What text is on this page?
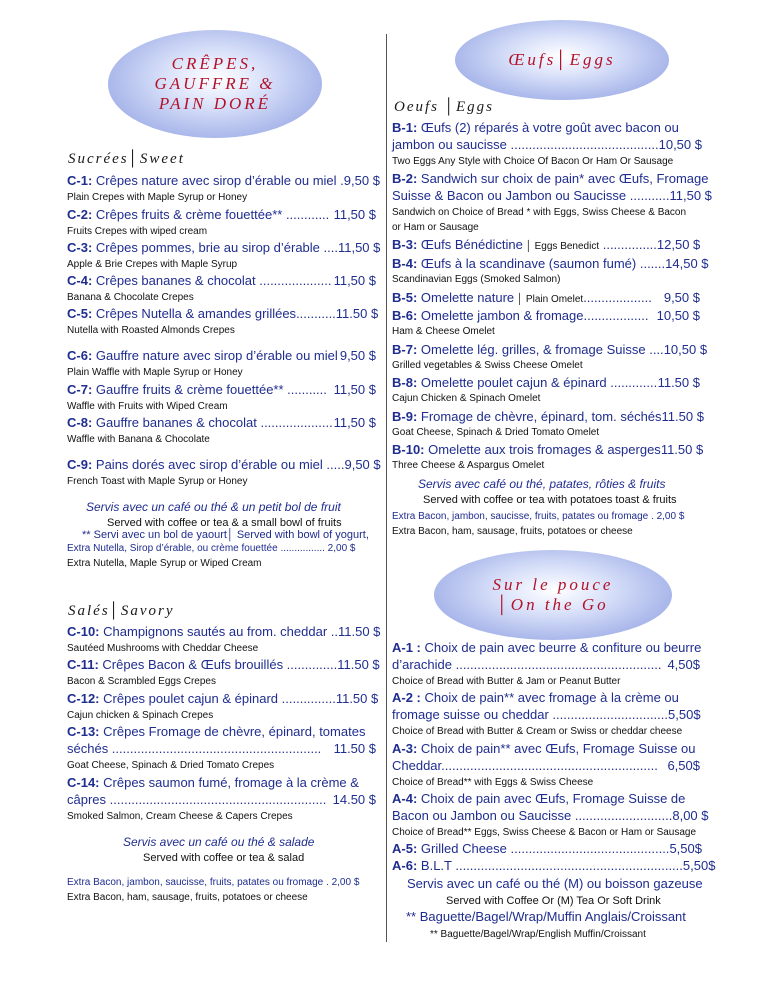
CRÊPES,
GAUFFRE &
PAIN DORÉ
Sucrées│Sweet
C-1: Crêpes nature avec sirop d’érable ou miel . 9,50 $
Plain Crepes with Maple Syrup or Honey
C-2: Crêpes fruits & crème fouettée** ............ 11,50 $
Fruits Crepes with wiped cream
C-3: Crêpes pommes, brie au sirop d’érable .... 11,50 $
Apple & Brie Crepes with Maple Syrup
C-4: Crêpes bananes & chocolat .................... 11,50 $
Banana & Chocolate Crepes
C-5: Crêpes Nutella & amandes grillées........... 11.50 $
Nutella with Roasted Almonds Crepes
C-6: Gauffre nature avec sirop d’érable ou miel 9,50 $
Plain Waffle with Maple Syrup or Honey
C-7: Gauffre fruits & crème fouettée** ........... 11,50 $
Waffle with Fruits with Wiped Cream
C-8: Gauffre bananes & chocolat .................... 11,50 $
Waffle with Banana & Chocolate
C-9: Pains dorés avec sirop d’érable ou miel ..... 9,50 $
French Toast with Maple Syrup or Honey
Servis avec un café ou thé & un petit bol de fruit
Served with coffee or tea & a small bowl of fruits
** Servi avec un bol de yaourt│ Served with bowl of yogurt,
Extra Nutella, Sirop d’érable, ou crème fouettée ................ 2,00 $
Extra Nutella, Maple Syrup or Wiped Cream
Salés│Savory
C-10: Champignons sautés au from. cheddar .. 11.50 $
Sautéed Mushrooms with Cheddar Cheese
C-11: Crêpes Bacon & Œufs brouillés .............. 11.50 $
Bacon & Scrambled Eggs Crepes
C-12: Crêpes poulet cajun & épinard ............... 11.50 $
Cajun chicken & Spinach Crepes
C-13: Crêpes Fromage de chèvre, épinard, tomates
séchés .......................................................... 11.50 $
Goat Cheese, Spinach & Dried Tomato Crepes
C-14: Crêpes saumon fumé, fromage à la crème &
câpres ............................................................ 14.50 $
Smoked Salmon, Cream Cheese & Capers Crepes
Servis avec un café ou thé & salade
Served with coffee or tea & salad
Extra Bacon, jambon, saucisse, fruits, patates ou fromage . 2,00 $
Extra Bacon, ham, sausage, fruits, potatoes or cheese
Œufs│Eggs
Oeufs │Eggs
B-1: Œufs (2) réparés à votre goût avec bacon ou
jambon ou saucisse ......................................... 10,50 $
Two Eggs Any Style with Choice Of Bacon Or Ham Or Sausage
B-2: Sandwich sur choix de pain* avec Œufs, Fromage
Suisse & Bacon ou Jambon ou Saucisse ........... 11,50 $
Sandwich on Choice of Bread * with Eggs, Swiss Cheese & Bacon
or Ham or Sausage
B-3: Œufs Bénédictine │ Eggs Benedict ............... 12,50 $
B-4: Œufs à la scandinave (saumon fumé) ....... 14,50 $
Scandinavian Eggs (Smoked Salmon)
B-5: Omelette nature │ Plain Omelet................... 9,50 $
B-6: Omelette jambon & fromage.................. 10,50 $
Ham & Cheese Omelet
B-7: Omelette lég. grilles, & fromage Suisse .... 10,50 $
Grilled vegetables & Swiss Cheese Omelet
B-8: Omelette poulet cajun & épinard ............. 11.50 $
Cajun Chicken & Spinach Omelet
B-9: Fromage de chèvre, épinard, tom. séchés 11.50 $
Goat Cheese, Spinach & Dried Tomato Omelet
B-10: Omelette aux trois fromages & asperges 11.50 $
Three Cheese & Aspargus Omelet
Servis avec café ou thé, patates, rôties & fruits
Served with coffee or tea with potatoes toast & fruits
Extra Bacon, jambon, saucisse, fruits, patates ou fromage . 2,00 $
Extra Bacon, ham, sausage, fruits, potatoes or cheese
Sur le pouce
│On the Go
A-1 : Choix de pain avec beurre & confiture ou beurre
d’arachide ......................................................... 4,50$
Choice of Bread with Butter & Jam or Peanut Butter
A-2 : Choix de pain** avec fromage à la crème ou
fromage suisse ou cheddar ................................ 5,50$
Choice of Bread with Butter & Cream or Swiss or cheddar cheese
A-3: Choix de pain** avec Œufs, Fromage Suisse ou
Cheddar............................................................ 6,50$
Choice of Bread** with Eggs & Swiss Cheese
A-4: Choix de pain avec Œufs, Fromage Suisse de
Bacon ou Jambon ou Saucisse ........................... 8,00 $
Choice of Bread** Eggs, Swiss Cheese & Bacon or Ham or Sausage
A-5: Grilled Cheese ............................................ 5,50$
A-6: B.L.T ............................................................... 5,50$
Servis avec un café ou thé (M) ou boisson gazeuse
Served with Coffee Or (M) Tea Or Soft Drink
** Baguette/Bagel/Wrap/Muffin Anglais/Croissant
** Baguette/Bagel/Wrap/English Muffin/Croissant
